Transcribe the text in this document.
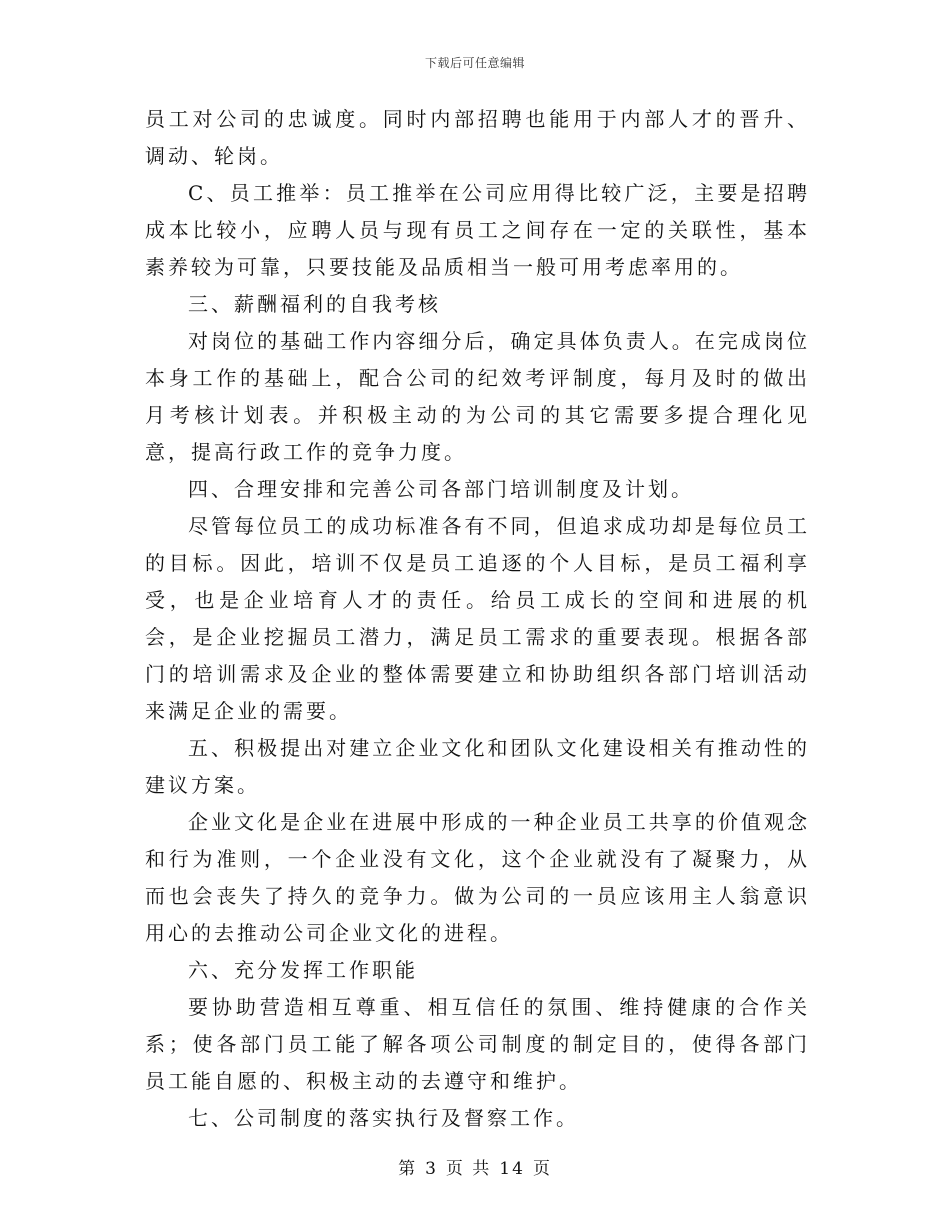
下载后可任意编辑

员工对公司的忠诚度。同时内部招聘也能用于内部人才的晋升、调动、轮岗。

C、员工推举：员工推举在公司应用得比较广泛，主要是招聘成本比较小，应聘人员与现有员工之间存在一定的关联性，基本素养较为可靠，只要技能及品质相当一般可用考虑率用的。

三、薪酬福利的自我考核

对岗位的基础工作内容细分后，确定具体负责人。在完成岗位本身工作的基础上，配合公司的纪效考评制度，每月及时的做出月考核计划表。并积极主动的为公司的其它需要多提合理化见意，提高行政工作的竞争力度。

四、合理安排和完善公司各部门培训制度及计划。

尽管每位员工的成功标准各有不同，但追求成功却是每位员工的目标。因此，培训不仅是员工追逐的个人目标，是员工福利享受，也是企业培育人才的责任。给员工成长的空间和进展的机会，是企业挖掘员工潜力，满足员工需求的重要表现。根据各部门的培训需求及企业的整体需要建立和协助组织各部门培训活动来满足企业的需要。

五、积极提出对建立企业文化和团队文化建设相关有推动性的建议方案。

企业文化是企业在进展中形成的一种企业员工共享的价值观念和行为准则，一个企业没有文化，这个企业就没有了凝聚力，从而也会丧失了持久的竞争力。做为公司的一员应该用主人翁意识用心的去推动公司企业文化的进程。

六、充分发挥工作职能

要协助营造相互尊重、相互信任的氛围、维持健康的合作关系；使各部门员工能了解各项公司制度的制定目的，使得各部门员工能自愿的、积极主动的去遵守和维护。

七、公司制度的落实执行及督察工作。

第 3 页 共 14 页
